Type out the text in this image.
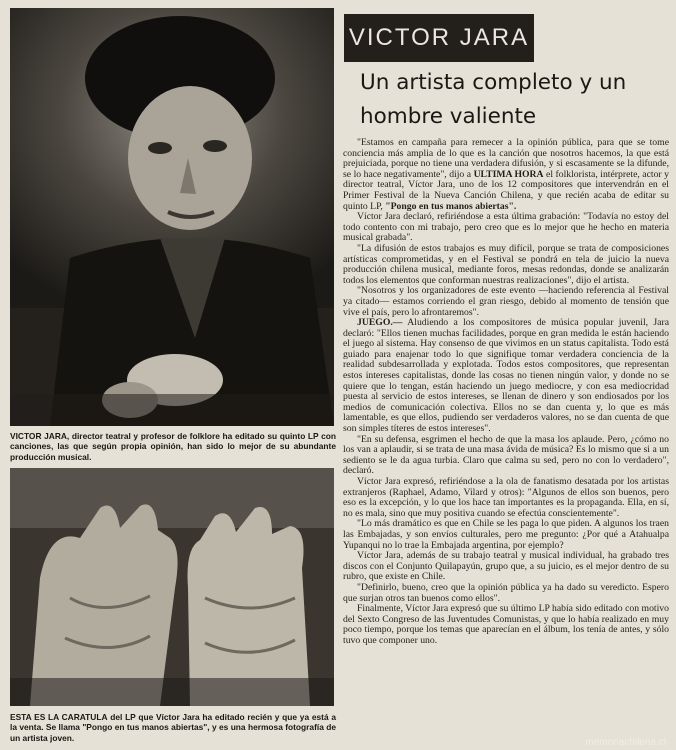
VICTOR JARA, director teatral y profesor de folklore ha editado su quinto LP con canciones, las que según propia opinión, han sido lo mejor de su abundante producción musical.
ESTA ES LA CARATULA del LP que Víctor Jara ha editado recién y que ya está a la venta. Se llama "Pongo en tus manos abiertas", y es una hermosa fotografía de un artista joven.
VICTOR JARA
Un artista completo y un hombre valiente

"Estamos en campaña para remecer a la opinión pública, para que se tome conciencia más amplia de lo que es la canción que nosotros hacemos, la que está prejuiciada, porque no tiene una verdadera difusión, y si escasamente se la difunde, se lo hace negativamente", dijo a ULTIMA HORA el folklorista, intérprete, actor y director teatral, Víctor Jara, uno de los 12 compositores que intervendrán en el Primer Festival de la Nueva Canción Chilena, y que recién acaba de editar su quinto LP, "Pongo en tus manos abiertas".

Víctor Jara declaró, refiriéndose a esta última grabación: "Todavía no estoy del todo contento con mi trabajo, pero creo que es lo mejor que he hecho en materia musical grabada".

"La difusión de estos trabajos es muy difícil, porque se trata de composiciones artísticas comprometidas, y en el Festival se pondrá en tela de juicio la nueva producción chilena musical, mediante foros, mesas redondas, donde se analizarán todos los elementos que conforman nuestras realizaciones", dijo el artista.

"Nosotros y los organizadores de este evento —haciendo referencia al Festival ya citado— estamos corriendo el gran riesgo, debido al momento de tensión que vive el país, pero lo afrontaremos".

JUEGO.— Aludiendo a los compositores de música popular juvenil, Jara declaró: "Ellos tienen muchas facilidades, porque en gran medida le están haciendo el juego al sistema. Hay consenso de que vivimos en un status capitalista. Todo está guiado para enajenar todo lo que signifique tomar verdadera conciencia de la realidad subdesarrollada y explotada. Todos estos compositores, que representan estos intereses capitalistas, donde las cosas no tienen ningún valor, y donde no se quiere que lo tengan, están haciendo un juego mediocre, y con esa mediocridad puesta al servicio de estos intereses, se llenan de dinero y son endiosados por los medios de comunicación colectiva. Ellos no se dan cuenta y, lo que es más lamentable, es que ellos, pudiendo ser verdaderos valores, no se dan cuenta de que son simples títeres de estos intereses".

"En su defensa, esgrimen el hecho de que la masa los aplaude. Pero, ¿cómo no los van a aplaudir, si se trata de una masa ávida de música? Es lo mismo que si a un sediento se le da agua turbia. Claro que calma su sed, pero no con lo verdadero", declaró.

Víctor Jara expresó, refiriéndose a la ola de fanatismo desatada por los artistas extranjeros (Raphael, Adamo, Vilard y otros): "Algunos de ellos son buenos, pero eso es la excepción, y lo que los hace tan importantes es la propaganda. Ella, en sí, no es mala, sino que muy positiva cuando se efectúa conscientemente".

"Lo más dramático es que en Chile se les paga lo que piden. A algunos los traen las Embajadas, y son envíos culturales, pero me pregunto: ¿Por qué a Atahualpa Yupanqui no lo trae la Embajada argentina, por ejemplo?

Víctor Jara, además de su trabajo teatral y musical individual, ha grabado tres discos con el Conjunto Quilapayún, grupo que, a su juicio, es el mejor dentro de su rubro, que existe en Chile.

"Definirlo, bueno, creo que la opinión pública ya ha dado su veredicto. Espero que surjan otros tan buenos como ellos".

Finalmente, Víctor Jara expresó que su último LP había sido editado con motivo del Sexto Congreso de las Juventudes Comunistas, y que lo había realizado en muy poco tiempo, porque los temas que aparecían en el álbum, los tenía de antes, y sólo tuvo que componer uno.

memoriachilena.cl
